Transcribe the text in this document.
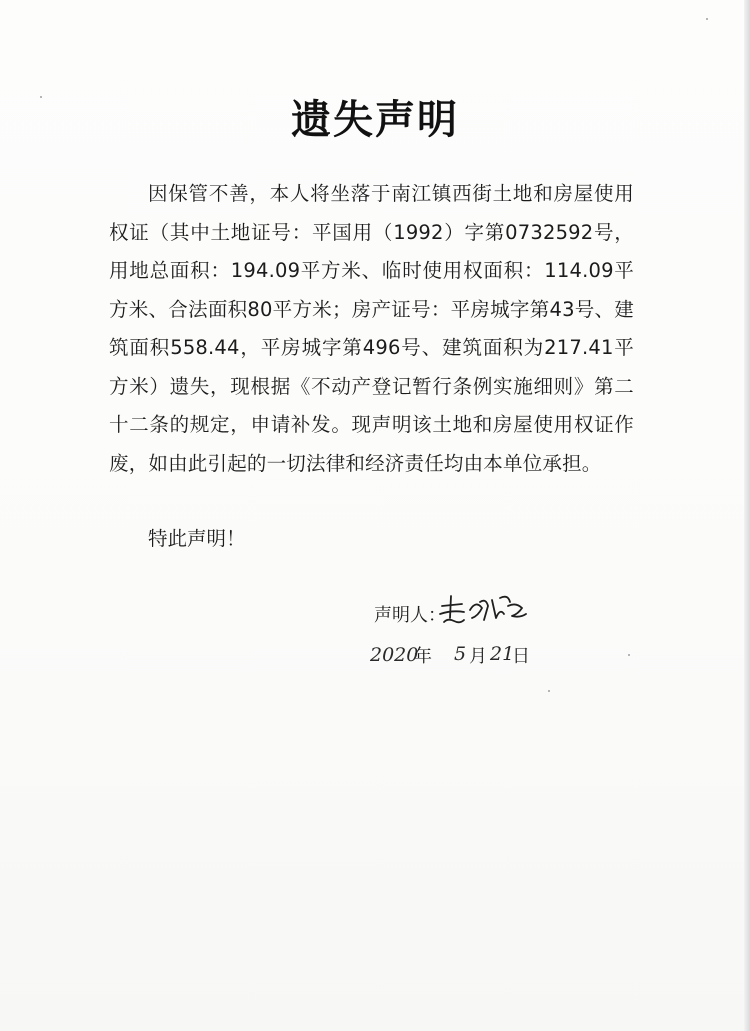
遗失声明
因保管不善，本人将坐落于南江镇西街土地和房屋使用权证（其中土地证号：平国用（1992）字第0732592号，用地总面积：194.09平方米、临时使用权面积：114.09平方米、合法面积80平方米；房产证号：平房城字第43号、建筑面积558.44，平房城字第496号、建筑面积为217.41平方米）遗失，现根据《不动产登记暂行条例实施细则》第二十二条的规定，申请补发。现声明该土地和房屋使用权证作废，如由此引起的一切法律和经济责任均由本单位承担。
特此声明！
声明人：
2020
年 5 月 21
日
